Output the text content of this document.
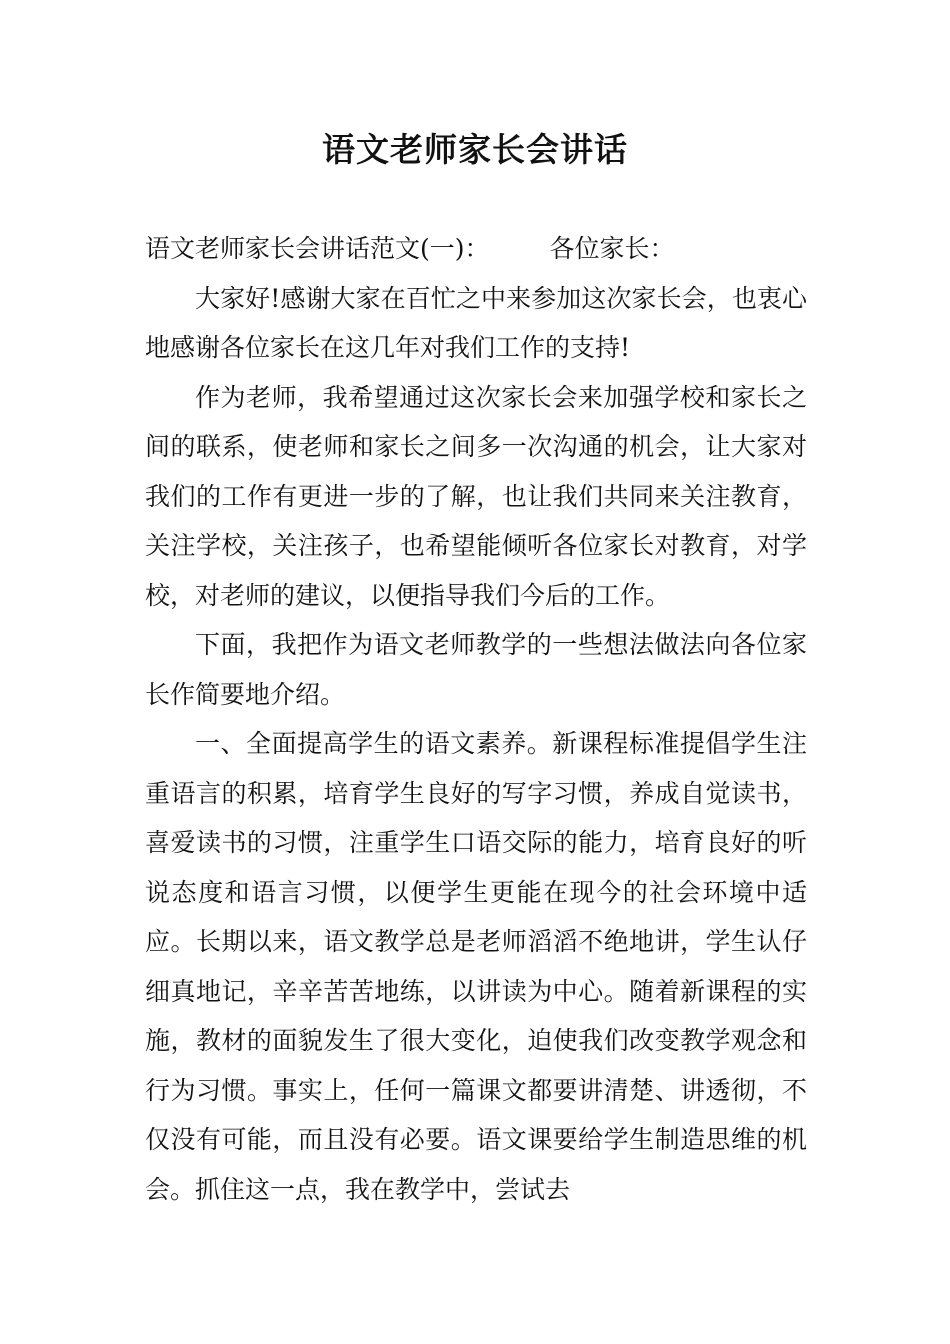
语文老师家长会讲话

语文老师家长会讲话范文(一)： 各位家长：

大家好!感谢大家在百忙之中来参加这次家长会，也衷心地感谢各位家长在这几年对我们工作的支持!

作为老师，我希望通过这次家长会来加强学校和家长之间的联系，使老师和家长之间多一次沟通的机会，让大家对我们的工作有更进一步的了解，也让我们共同来关注教育，关注学校，关注孩子，也希望能倾听各位家长对教育，对学校，对老师的建议，以便指导我们今后的工作。

下面，我把作为语文老师教学的一些想法做法向各位家长作简要地介绍。

一、全面提高学生的语文素养。新课程标准提倡学生注重语言的积累，培育学生良好的写字习惯，养成自觉读书，喜爱读书的习惯，注重学生口语交际的能力，培育良好的听说态度和语言习惯，以便学生更能在现今的社会环境中适应。长期以来，语文教学总是老师滔滔不绝地讲，学生认仔细真地记，辛辛苦苦地练，以讲读为中心。随着新课程的实施，教材的面貌发生了很大变化，迫使我们改变教学观念和行为习惯。事实上，任何一篇课文都要讲清楚、讲透彻，不仅没有可能，而且没有必要。语文课要给学生制造思维的机会。抓住这一点，我在教学中，尝试去
